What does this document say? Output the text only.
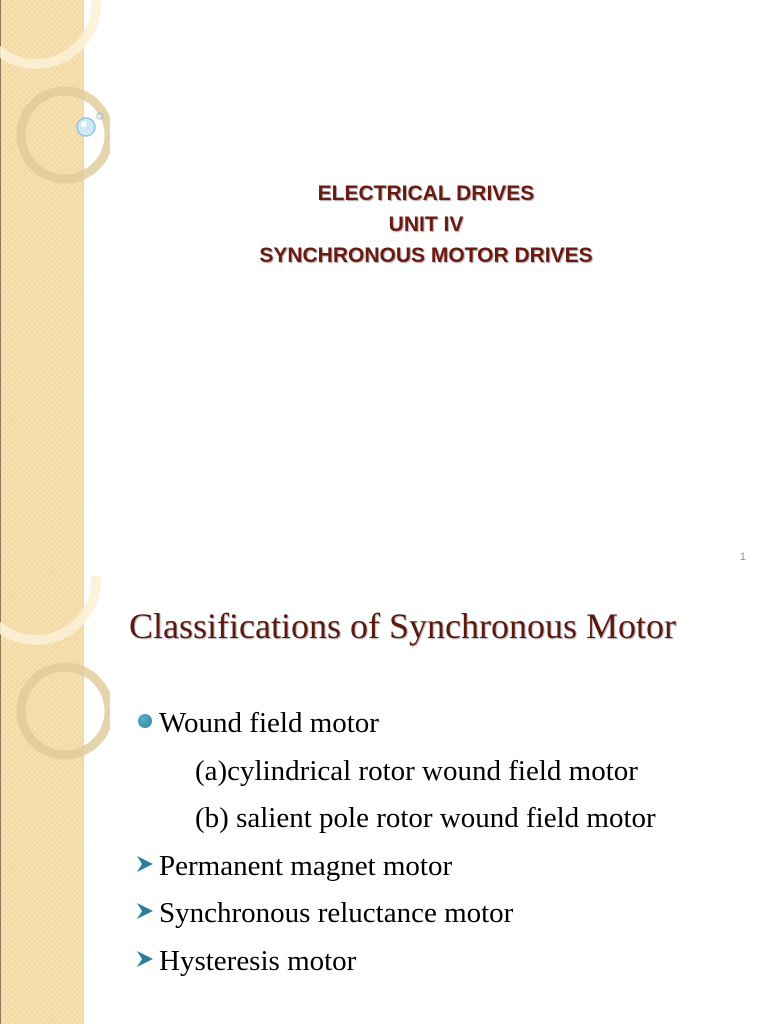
ELECTRICAL DRIVES
UNIT IV
SYNCHRONOUS MOTOR DRIVES
1
Classifications of Synchronous Motor
Wound field motor
(a)cylindrical rotor wound field motor
(b) salient pole rotor wound field motor
Permanent magnet motor
Synchronous reluctance motor
Hysteresis motor
